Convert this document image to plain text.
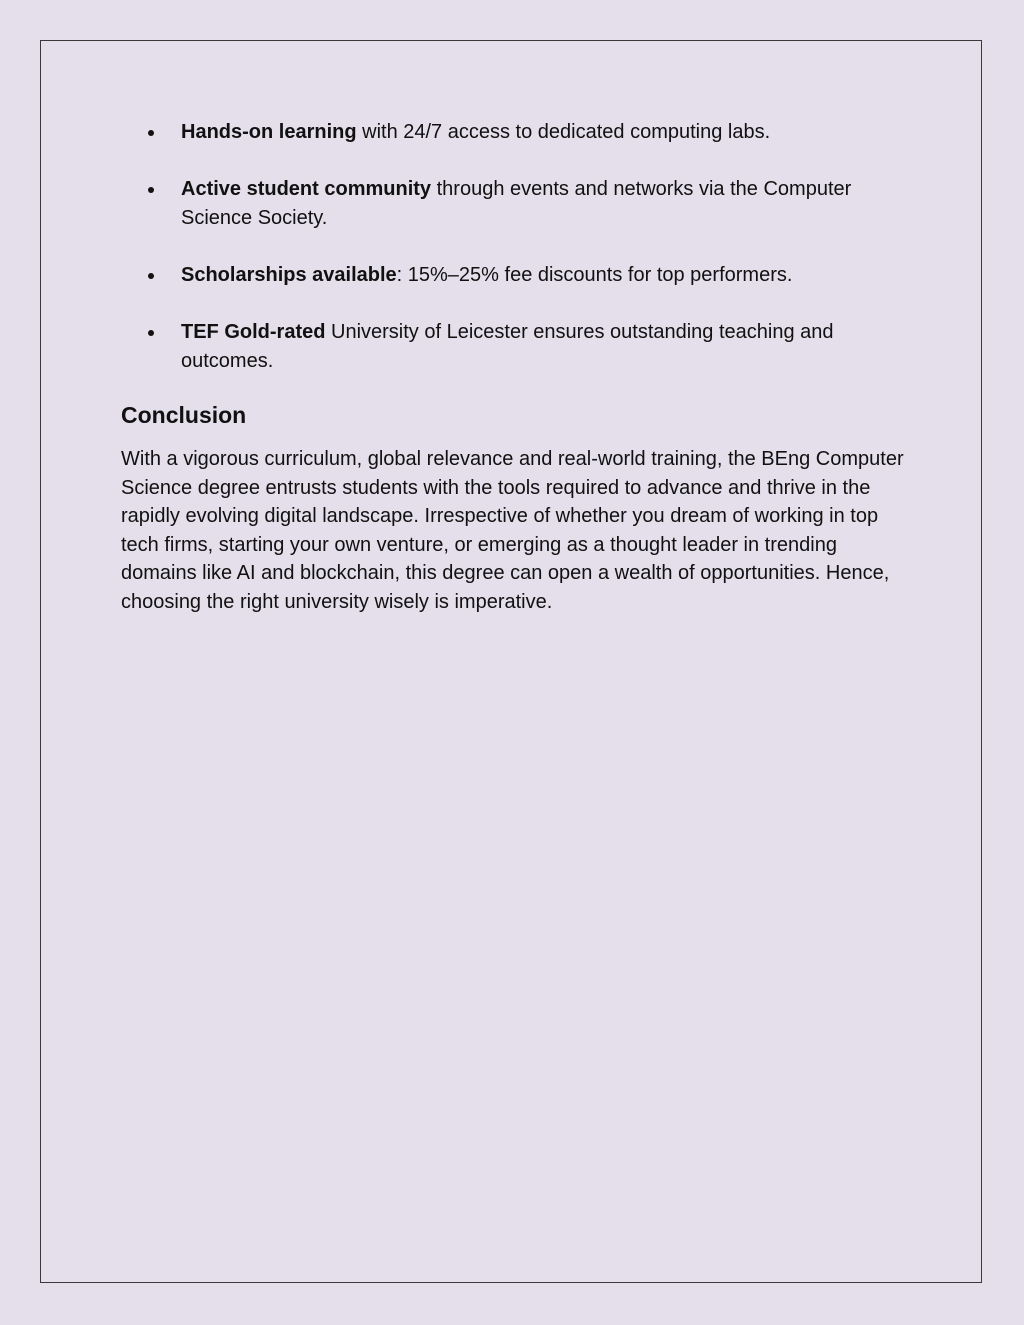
Hands-on learning with 24/7 access to dedicated computing labs.
Active student community through events and networks via the Computer Science Society.
Scholarships available: 15%–25% fee discounts for top performers.
TEF Gold-rated University of Leicester ensures outstanding teaching and outcomes.
Conclusion

With a vigorous curriculum, global relevance and real-world training, the BEng Computer Science degree entrusts students with the tools required to advance and thrive in the rapidly evolving digital landscape. Irrespective of whether you dream of working in top tech firms, starting your own venture, or emerging as a thought leader in trending domains like AI and blockchain, this degree can open a wealth of opportunities. Hence, choosing the right university wisely is imperative.
